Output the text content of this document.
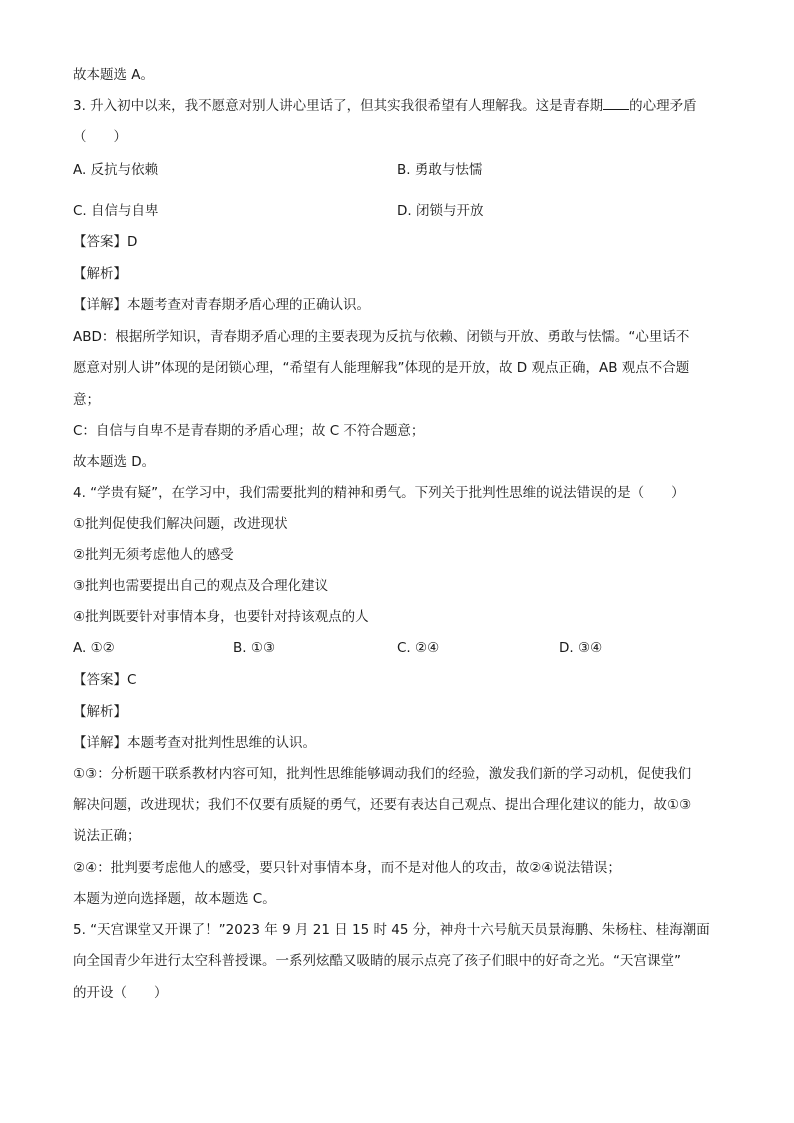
故本题选 A。

3. 升入初中以来，我不愿意对别人讲心里话了，但其实我很希望有人理解我。这是青春期 的心理矛盾

（　　）

A. 反抗与依赖	B. 勇敢与怯懦

C. 自信与自卑	D. 闭锁与开放

【答案】D

【解析】

【详解】本题考查对青春期矛盾心理的正确认识。

ABD：根据所学知识，青春期矛盾心理的主要表现为反抗与依赖、闭锁与开放、勇敢与怯懦。“心里话不

愿意对别人讲”体现的是闭锁心理，“希望有人能理解我”体现的是开放，故 D 观点正确，AB 观点不合题

意；

C：自信与自卑不是青春期的矛盾心理；故 C 不符合题意；

故本题选 D。

4. “学贵有疑”，在学习中，我们需要批判的精神和勇气。下列关于批判性思维的说法错误的是（　　）

①批判促使我们解决问题，改进现状

②批判无须考虑他人的感受

③批判也需要提出自己的观点及合理化建议

④批判既要针对事情本身，也要针对持该观点的人

A. ①②	B. ①③	C. ②④	D. ③④

【答案】C

【解析】

【详解】本题考查对批判性思维的认识。

①③：分析题干联系教材内容可知，批判性思维能够调动我们的经验，激发我们新的学习动机，促使我们

解决问题，改进现状；我们不仅要有质疑的勇气，还要有表达自己观点、提出合理化建议的能力，故①③

说法正确；

②④：批判要考虑他人的感受，要只针对事情本身，而不是对他人的攻击，故②④说法错误；

本题为逆向选择题，故本题选 C。

5. “天宫课堂又开课了！”2023 年 9 月 21 日 15 时 45 分，神舟十六号航天员景海鹏、朱杨柱、桂海潮面

向全国青少年进行太空科普授课。一系列炫酷又吸睛的展示点亮了孩子们眼中的好奇之光。“天宫课堂”

的开设（　　）
